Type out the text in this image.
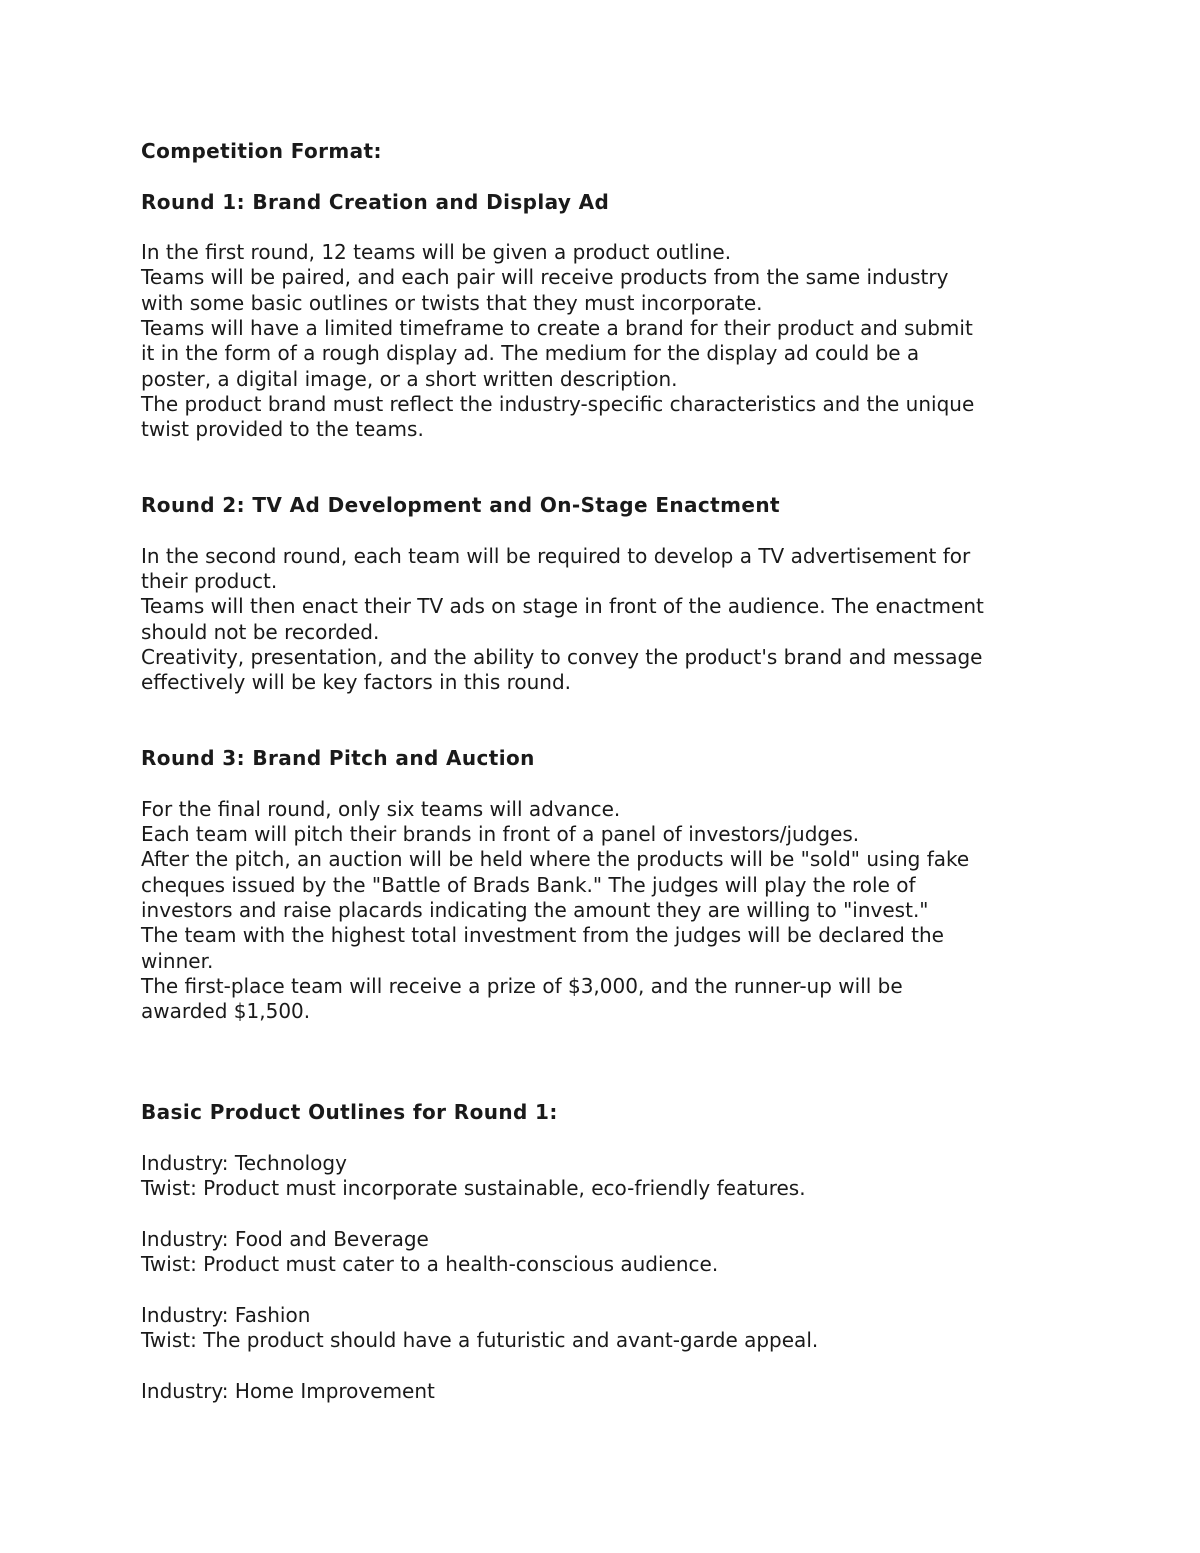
Competition Format:

Round 1: Brand Creation and Display Ad

In the first round, 12 teams will be given a product outline.
Teams will be paired, and each pair will receive products from the same industry
with some basic outlines or twists that they must incorporate.
Teams will have a limited timeframe to create a brand for their product and submit
it in the form of a rough display ad. The medium for the display ad could be a
poster, a digital image, or a short written description.
The product brand must reflect the industry-specific characteristics and the unique
twist provided to the teams.

Round 2: TV Ad Development and On-Stage Enactment

In the second round, each team will be required to develop a TV advertisement for
their product.
Teams will then enact their TV ads on stage in front of the audience. The enactment
should not be recorded.
Creativity, presentation, and the ability to convey the product's brand and message
effectively will be key factors in this round.

Round 3: Brand Pitch and Auction

For the final round, only six teams will advance.
Each team will pitch their brands in front of a panel of investors/judges.
After the pitch, an auction will be held where the products will be "sold" using fake
cheques issued by the "Battle of Brads Bank." The judges will play the role of
investors and raise placards indicating the amount they are willing to "invest."
The team with the highest total investment from the judges will be declared the
winner.
The first-place team will receive a prize of $3,000, and the runner-up will be
awarded $1,500.

Basic Product Outlines for Round 1:

Industry: Technology
Twist: Product must incorporate sustainable, eco-friendly features.
Industry: Food and Beverage
Twist: Product must cater to a health-conscious audience.
Industry: Fashion
Twist: The product should have a futuristic and avant-garde appeal.
Industry: Home Improvement
